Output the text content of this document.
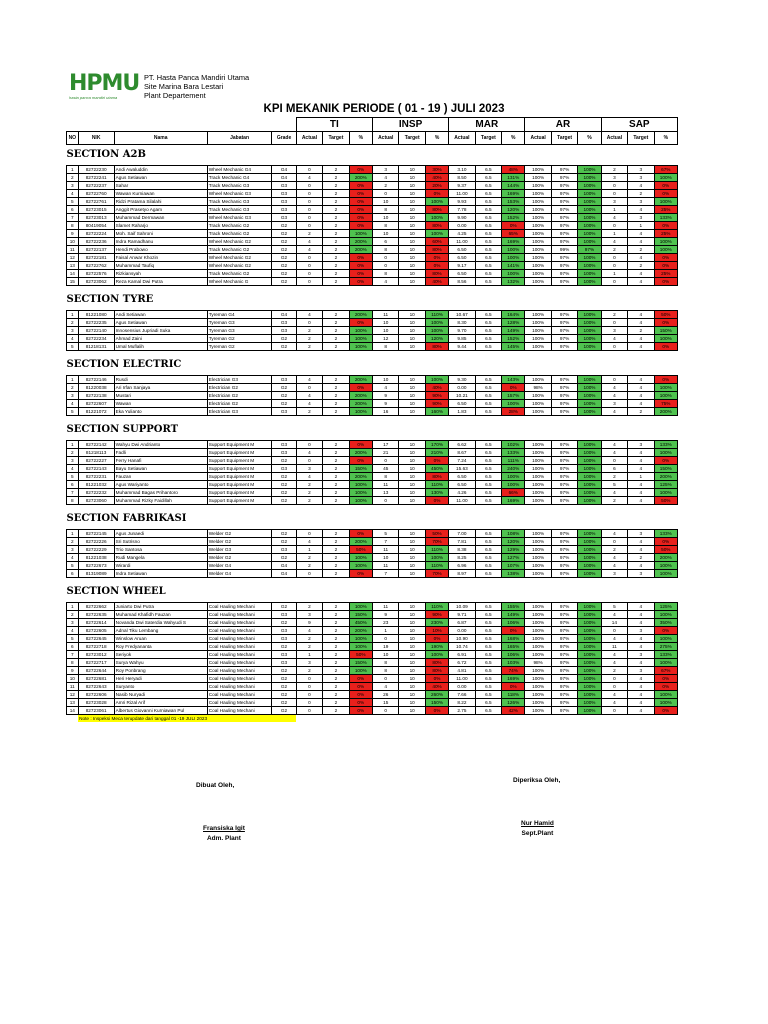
HPMU
hasta panca mandiri utama
PT. Hasta Panca Mandiri Utama
Site Marina Bara Lestari
Plant Departement
KPI MEKANIK PERIODE ( 01 - 19 ) JULI 2023
					TI			INSP			MAR			AR			SAP		
NO	NIK	Nama	Jabatan	Grade	Actual	Target	%	Actual	Target	%	Actual	Target	%	Actual	Target	%	Actual	Target	%
SECTION A2B																			
1	82722230	Andi Awaluddin	Wheel Mechanic G4	G4	0	2	0%	3	10	30%	3.10	6.5	48%	100%	97%	100%	2	3	67%
2	82722241	Agus Setiawan	Track Mechanic G4	G4	4	2	200%	4	10	40%	8.50	6.5	131%	100%	97%	100%	3	3	100%
3	82722237	Sahar	Track Mechanic G3	G3	0	2	0%	2	10	20%	9.37	6.5	144%	100%	97%	100%	0	4	0%
4	82722760	Wawan Kurniawan	Wheel Mechanic G3	G3	0	2	0%	0	10	0%	11.00	6.5	169%	100%	97%	100%	0	2	0%
5	82722761	Ridzi Pratama Silalahi	Track Mechanic G3	G3	0	2	0%	10	10	100%	9.93	6.5	153%	100%	97%	100%	3	3	100%
6	82723015	Anggit Prasetyo Agam	Track Mechanic G3	G3	0	2	0%	8	10	80%	7.78	6.5	120%	100%	97%	100%	1	4	25%
7	82723013	Muhammad Dermawan	Wheel Mechanic G3	G3	0	2	0%	10	10	100%	9.90	6.5	152%	100%	97%	100%	4	3	133%
8	80419054	Slamet Raharjo	Track Mechanic G2	G2	0	2	0%	8	10	80%	0.00	6.5	0%	100%	97%	100%	0	1	0%
9	82722224	Moh. Saif Sahroni	Track Mechanic G2	G2	2	2	100%	10	10	100%	4.25	6.5	65%	100%	97%	100%	1	4	25%
10	82722236	Indra Ramadhanu	Wheel Mechanic G2	G2	4	2	200%	6	10	60%	11.00	6.5	169%	100%	97%	100%	4	4	100%
11	82722137	Hendi Prabowo	Track Mechanic G2	G2	4	2	200%	8	10	80%	6.50	6.5	100%	100%	99%	97%	2	2	100%
12	82722181	Faisal Anwar Khozin	Wheel Mechanic G2	G2	0	2	0%	0	10	0%	6.50	6.5	100%	100%	97%	100%	0	4	0%
13	82722762	Muhammad Taufiq	Wheel Mechanic G2	G2	0	2	0%	0	10	0%	9.17	6.5	141%	100%	97%	100%	0	2	0%
14	82722576	Rizkiansyah	Track Mechanic G2	G2	0	2	0%	8	10	80%	6.50	6.5	100%	100%	97%	100%	1	4	25%
15	82723062	Reza Kamal Dwi Putra	Wheel Mechanic G	G2	0	2	0%	4	10	40%	8.56	6.5	132%	100%	97%	100%	0	4	0%

SECTION TYRE																			
1	81221080	Andi Setiawan	Tyreman G4	G4	4	2	200%	11	10	110%	10.67	6.5	164%	100%	97%	100%	2	4	50%
2	82722235	Agus Setiawan	Tyreman G3	G3	0	2	0%	10	10	100%	8.30	6.5	128%	100%	97%	100%	0	4	0%
3	82722140	Innosensius Jupriadi Suka	Tyreman G3	G3	2	2	100%	10	10	100%	9.70	6.5	149%	100%	97%	100%	3	2	150%
4	82722234	Ahmad Zaini	Tyreman G2	G2	2	2	100%	12	10	120%	9.85	6.5	152%	100%	97%	100%	4	4	100%
5	81218131	Umal Muflalih	Tyreman G2	G2	2	2	100%	8	10	80%	9.44	6.5	145%	100%	97%	100%	0	4	0%

SECTION ELECTRIC																			
1	82722146	Rusdi	Electrician G3	G3	4	2	200%	10	10	100%	9.30	6.5	143%	100%	97%	100%	0	4	0%
2	81220038	Ari Irfan Sanjaya	Electrician G2	G2	0	2	0%	4	10	40%	0.00	6.5	0%	98%	97%	100%	4	4	100%
3	82722138	Mustari	Electrician G2	G2	4	2	200%	9	10	90%	10.21	6.5	157%	100%	97%	100%	4	4	100%
4	82722607	Wawan	Electrician G2	G2	4	2	200%	9	10	90%	6.50	6.5	100%	100%	97%	100%	3	4	75%
5	81221072	Eka Yulianto	Electrician G3	G3	2	2	100%	16	10	160%	1.83	6.5	28%	100%	97%	100%	4	2	200%

SECTION SUPPORT																			
1	82722142	Wahyu Dwi Andrianto	Support Equipment M	G3	0	2	0%	17	10	170%	6.62	6.5	102%	100%	97%	100%	4	3	133%
2	81218113	Fadli	Support Equipment M	G3	4	2	200%	21	10	210%	8.67	6.5	133%	100%	97%	100%	4	4	100%
3	82722227	Ferry Hanafi	Support Equipment M	G2	0	2	0%	0	10	0%	7.24	6.5	111%	100%	97%	100%	0	4	0%
4	82722143	Bayu Setiawan	Support Equipment M	G3	3	2	150%	45	10	450%	15.63	6.5	240%	100%	97%	100%	6	4	150%
5	82722231	Fauzan	Support Equipment M	G2	4	2	200%	8	10	80%	6.50	6.5	100%	100%	97%	100%	2	1	200%
6	81221032	Agus Wariyanto	Support Equipment M	G2	2	2	100%	11	10	110%	6.50	6.5	100%	100%	97%	100%	5	4	125%
7	82722232	Muhammad Bagas Prihantoro	Support Equipment M	G2	2	2	100%	13	10	130%	4.26	6.5	66%	100%	97%	100%	4	4	100%
8	82723060	Muhammad Rizky Faidillah	Support Equipment M	G2	2	2	100%	0	10	0%	11.00	6.5	169%	100%	97%	100%	2	4	50%

SECTION FABRIKASI																			
1	82722145	Agus Junaedi	Welder G2	G2	0	2	0%	5	10	50%	7.00	6.5	108%	100%	97%	100%	4	3	133%
2	82722226	Sri Sutrisno	Welder G2	G2	4	2	200%	7	10	70%	7.81	6.5	120%	100%	97%	100%	0	4	0%
3	82722229	Trio Santosa	Welder G3	G3	1	2	50%	11	10	110%	8.38	6.5	129%	100%	97%	100%	2	4	50%
4	81221038	Rudi Mangela	Welder G2	G2	2	2	100%	10	10	100%	8.25	6.5	127%	100%	97%	100%	4	2	200%
5	82722673	Wirardi	Welder G4	G4	2	2	100%	11	10	110%	6.96	6.5	107%	100%	97%	100%	4	4	100%
6	81319089	Indra Setiawan	Welder G4	G4	0	2	0%	7	10	70%	8.97	6.5	138%	100%	97%	100%	3	3	100%

SECTION WHEEL																			
1	82722662	Juniarto Dwi Putra	Coal Hauling Mechani	G2	2	2	100%	11	10	110%	10.09	6.5	155%	100%	97%	100%	5	4	125%
2	82722635	Muhamad Khafidh Fauzan	Coal Hauling Mechani	G3	3	2	150%	9	10	90%	9.71	6.5	149%	100%	97%	100%	4	4	100%
3	82722614	Novanda Dwi Saterdia Wahyudi S	Coal Hauling Mechani	G2	9	2	450%	23	10	230%	6.87	6.5	106%	100%	97%	100%	14	4	350%
4	82722605	Adnal Tiku Lembang	Coal Hauling Mechani	G3	4	2	200%	1	10	10%	0.00	6.5	0%	100%	97%	100%	0	3	0%
5	82722645	Winslow Aruan	Coal Hauling Mechani	G3	2	2	100%	0	10	0%	10.90	6.5	168%	100%	97%	100%	4	4	100%
6	82722718	Roy Fredyananta	Coal Hauling Mechani	G2	2	2	100%	19	10	190%	10.74	6.5	165%	100%	97%	100%	11	4	275%
7	82723012	Seriyok	Coal Hauling Mechani	G3	1	2	50%	10	10	100%	6.91	6.5	106%	100%	97%	100%	4	3	133%
8	82722717	Surya Wahyu	Coal Hauling Mechani	G3	3	2	150%	8	10	80%	6.72	6.5	103%	98%	97%	100%	4	4	100%
9	82722644	Roy Ponbrang	Coal Hauling Mechani	G2	2	2	100%	8	10	80%	4.81	6.5	74%	100%	97%	100%	2	3	67%
10	82722681	Heri Heryadi	Coal Hauling Mechani	G2	0	2	0%	0	10	0%	11.00	6.5	169%	100%	97%	100%	0	4	0%
11	82722643	Suryanto	Coal Hauling Mechani	G2	0	2	0%	4	10	40%	0.00	6.5	0%	100%	97%	100%	0	4	0%
12	82722606	Nasib Nuryadi	Coal Hauling Mechani	G2	0	2	0%	26	10	260%	7.66	6.5	118%	100%	97%	100%	4	4	100%
13	82723028	Amri Rizal Arif	Coal Hauling Mechani	G2	0	2	0%	15	10	150%	8.22	6.5	126%	100%	97%	100%	4	4	100%
14	82723061	Albertus Giovanni Kurniawan Pul	Coal Hauling Mechani	G2	0	2	0%	0	10	0%	2.75	6.5	42%	100%	97%	100%	0	4	0%
	Note : Inspeksi Meca terupdate dari tanggal 01 -19 JULI 2023																		
Dibuat Oleh,
Fransiska Igit
Adm. Plant
Diperiksa Oleh,
Nur Hamid
Sept.Plant
